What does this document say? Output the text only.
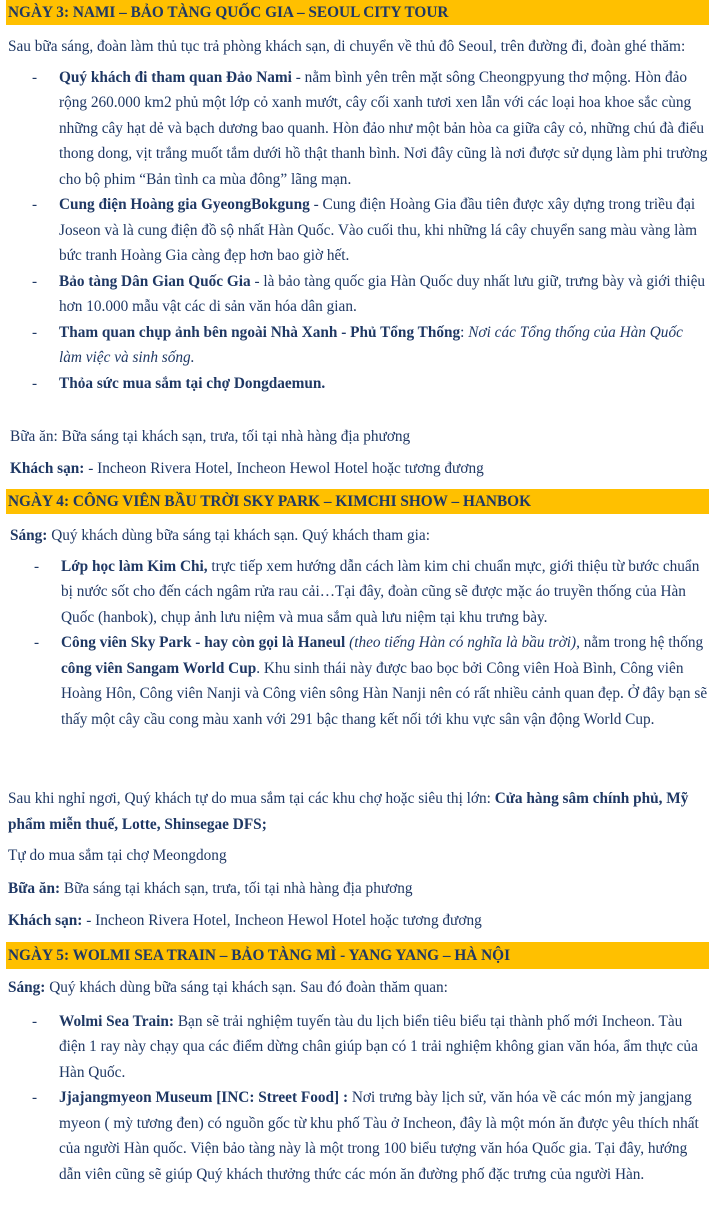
NGÀY 3: NAMI – BẢO TÀNG QUỐC GIA – SEOUL CITY TOUR

Sau bữa sáng, đoàn làm thủ tục trả phòng khách sạn, di chuyển về thủ đô Seoul, trên đường đi, đoàn ghé thăm:

- Quý khách đi tham quan Đảo Nami - nằm bình yên trên mặt sông Cheongpyung thơ mộng. Hòn đảo rộng 260.000 km2 phủ một lớp cỏ xanh mướt, cây cối xanh tươi xen lẫn với các loại hoa khoe sắc cùng những cây hạt dẻ và bạch dương bao quanh. Hòn đảo như một bản hòa ca giữa cây cỏ, những chú đà điểu thong dong, vịt trắng muốt tắm dưới hồ thật thanh bình. Nơi đây cũng là nơi được sử dụng làm phi trường cho bộ phim “Bản tình ca mùa đông” lãng mạn.
- Cung điện Hoàng gia GyeongBokgung - Cung điện Hoàng Gia đầu tiên được xây dựng trong triều đại Joseon và là cung điện đồ sộ nhất Hàn Quốc. Vào cuối thu, khi những lá cây chuyển sang màu vàng làm bức tranh Hoàng Gia càng đẹp hơn bao giờ hết.
- Bảo tàng Dân Gian Quốc Gia - là bảo tàng quốc gia Hàn Quốc duy nhất lưu giữ, trưng bày và giới thiệu hơn 10.000 mẫu vật các di sản văn hóa dân gian.
- Tham quan chụp ảnh bên ngoài Nhà Xanh - Phủ Tổng Thống: Nơi các Tổng thống của Hàn Quốc làm việc và sinh sống.
- Thỏa sức mua sắm tại chợ Dongdaemun.
Bữa ăn: Bữa sáng tại khách sạn, trưa, tối tại nhà hàng địa phương
Khách sạn: - Incheon Rivera Hotel, Incheon Hewol Hotel hoặc tương đương
NGÀY 4: CÔNG VIÊN BẦU TRỜI SKY PARK – KIMCHI SHOW – HANBOK

Sáng: Quý khách dùng bữa sáng tại khách sạn. Quý khách tham gia:

- Lớp học làm Kim Chi, trực tiếp xem hướng dẫn cách làm kim chi chuẩn mực, giới thiệu từ bước chuẩn bị nước sốt cho đến cách ngâm rửa rau cải…Tại đây, đoàn cũng sẽ được mặc áo truyền thống của Hàn Quốc (hanbok), chụp ảnh lưu niệm và mua sắm quà lưu niệm tại khu trưng bày.
- Công viên Sky Park - hay còn gọi là Haneul (theo tiếng Hàn có nghĩa là bầu trời), nằm trong hệ thống công viên Sangam World Cup. Khu sinh thái này được bao bọc bởi Công viên Hoà Bình, Công viên Hoàng Hôn, Công viên Nanji và Công viên sông Hàn Nanji nên có rất nhiều cảnh quan đẹp. Ở đây bạn sẽ thấy một cây cầu cong màu xanh với 291 bậc thang kết nối tới khu vực sân vận động World Cup.
Sau khi nghỉ ngơi, Quý khách tự do mua sắm tại các khu chợ hoặc siêu thị lớn: Cửa hàng sâm chính phủ, Mỹ phẩm miễn thuế, Lotte, Shinsegae DFS;
Tự do mua sắm tại chợ Meongdong
Bữa ăn: Bữa sáng tại khách sạn, trưa, tối tại nhà hàng địa phương
Khách sạn: - Incheon Rivera Hotel, Incheon Hewol Hotel hoặc tương đương
NGÀY 5: WOLMI SEA TRAIN – BẢO TÀNG MÌ - YANG YANG – HÀ NỘI

Sáng: Quý khách dùng bữa sáng tại khách sạn. Sau đó đoàn thăm quan:

- Wolmi Sea Train: Bạn sẽ trải nghiệm tuyến tàu du lịch biển tiêu biểu tại thành phố mới Incheon. Tàu điện 1 ray này chạy qua các điểm dừng chân giúp bạn có 1 trải nghiệm không gian văn hóa, ẩm thực của Hàn Quốc.
- Jjajangmyeon Museum [INC: Street Food] : Nơi trưng bày lịch sử, văn hóa về các món mỳ jangjang myeon ( mỳ tương đen) có nguồn gốc từ khu phố Tàu ở Incheon, đây là một món ăn được yêu thích nhất của người Hàn quốc. Viện bảo tàng này là một trong 100 biểu tượng văn hóa Quốc gia. Tại đây, hướng dẫn viên cũng sẽ giúp Quý khách thưởng thức các món ăn đường phố đặc trưng của người Hàn.
